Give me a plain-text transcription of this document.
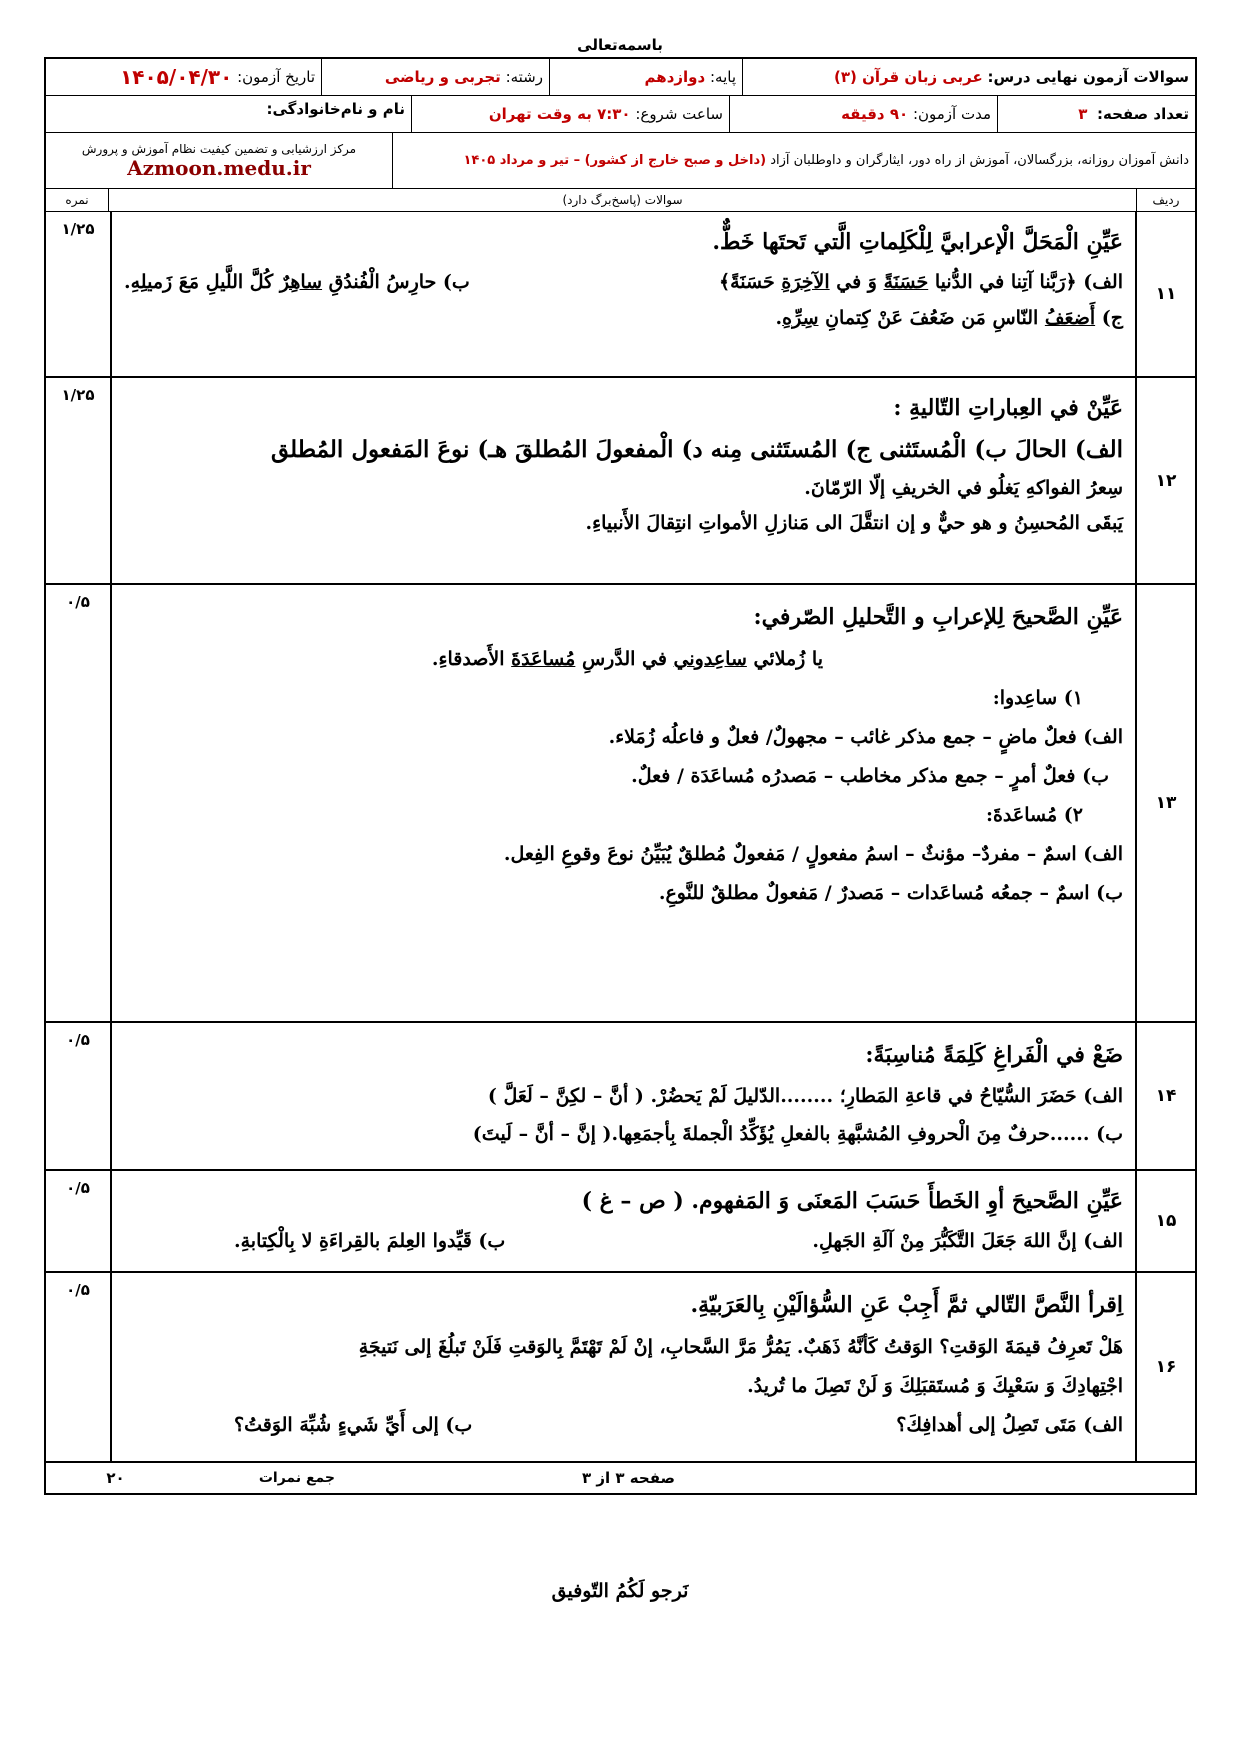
باسمه‌تعالی
سوالات آزمون نهایی درس:

عربی زبان قرآن (۳)
پایه:

دوازدهم
رشته:

تجربی و ریاضی
تاریخ آزمون:

۱۴۰۵/۰۴/۳۰
تعداد صفحه:

۳
مدت آزمون:

۹۰ دقیقه
ساعت شروع:

۷:۳۰ به وقت تهران
نام و نام‌خانوادگی:
دانش آموزان روزانه، بزرگسالان، آموزش از راه دور، ایثارگران و داوطلبان آزاد (داخل و صبح خارج از کشور) – تیر و مرداد ۱۴۰۵
مرکز ارزشیابی و تضمین کیفیت نظام آموزش و پرورش
Azmoon.medu.ir
ردیف
سوالات (پاسخ‌برگ دارد)
نمره
۱۱
عَیِّنِ الْمَحَلَّ الْإعرابيَّ لِلْكَلِماتِ الَّتي تَحتَها خَطٌّ.
الف) ﴿رَبَّنا آتِنا في الدُّنيا حَسَنَةً وَ في الآخِرَةِ حَسَنَةً﴾
ب) حارِسُ الْفُندُقِ ساهِرٌ كُلَّ اللَّيلِ مَعَ زَميلِهِ.
ج) أَضعَفُ النّاسِ مَن ضَعُفَ عَنْ كِتمانِ سِرِّهِ.
۱/۲۵
۱۲
عَيِّنْ في العِباراتِ التّاليةِ :
الف) الحالَ ب) الْمُستَثنى ج) المُستَثنى مِنه د) الْمفعولَ المُطلقَ هـ) نوعَ المَفعول المُطلق
سِعرُ الفواكهِ يَغلُو في الخريفِ إلّا الرّمّانَ.
يَبقَى المُحسِنُ و هو حيٌّ و إن انتقَّلَ الى مَنازلِ الأمواتِ انتِقالَ الأَنبياءِ.
۱/۲۵
۱۳
عَيِّنِ الصَّحيحَ لِلإعرابِ و التَّحليلِ الصّرفي:
يا زُملائي ساعِدوني في الدَّرسِ مُساعَدَةَ الأَصدقاءِ.
۱) ساعِدوا:
الف) فعلٌ ماضٍ – جمع مذكر غائب – مجهولٌ/ فعلٌ و فاعلُه زُمَلاء.
ب) فعلٌ أمرٍ – جمع مذكر مخاطب – مَصدرُه مُساعَدَة / فعلٌ.
۲) مُساعَدةَ:
الف) اسمٌ – مفردٌ– مؤنثٌ – اسمُ مفعولٍ / مَفعولٌ مُطلقٌ يُبَيِّنُ نوعَ وقوعِ الفِعل.
ب) اسمٌ – جمعُه مُساعَدات – مَصدرٌ / مَفعولٌ مطلقٌ للنَّوعِ.
۰/۵
۱۴
ضَعْ في الْفَراغِ كَلِمَةً مُناسِبَةً:
الف) حَضَرَ السُّيّاحُ في قاعةِ المَطارِ؛ ........الدّليلَ لَمْ يَحضُرْ. ( أنَّ – لكِنَّ – لَعَلَّ )
ب) ......حرفٌ مِنَ الْحروفِ المُشبَّهةِ بالفعلِ يُؤَكِّدُ الْجملةَ بِأجمَعِها.( إنَّ – أنَّ – لَيتَ)
۰/۵
۱۵
عَيِّنِ الصَّحيحَ أوِ الخَطأَ حَسَبَ المَعنَى وَ المَفهوم. ( ص – غ )
الف) إنَّ اللهَ جَعَلَ التَّكَبُّرَ مِنْ آلَةِ الجَهلِ.
ب) قَيِّدوا العِلمَ بالقِراءَةِ لا بِالْكِتابةِ.
۰/۵
۱۶
اِقرأ النَّصَّ التّالي ثمَّ أَجِبْ عَنِ السُّؤالَيْنِ بِالعَرَبيّةِ.
هَلْ تَعرِفُ قيمَةَ الوَقتِ؟ الوَقتُ كَأنَّهُ ذَهَبٌ. يَمُرُّ مَرَّ السَّحابِ، إنْ لَمْ تَهْتَمَّ بِالوَقتِ فَلَنْ تَبلُغَ إلى نَتيجَةِ
اجْتِهادِكَ وَ سَعْيِكَ وَ مُستَقبَلِكَ وَ لَنْ تَصِلَ ما تُريدُ.
الف) مَتَى تَصِلُ إلى أهدافِكَ؟
ب) إلى أَيِّ شَيءٍ شُبِّهَ الوَقتُ؟
۰/۵
صفحه ۳ از ۳
جمع نمرات
۲۰
نَرجو لَكُمُ التّوفيق
